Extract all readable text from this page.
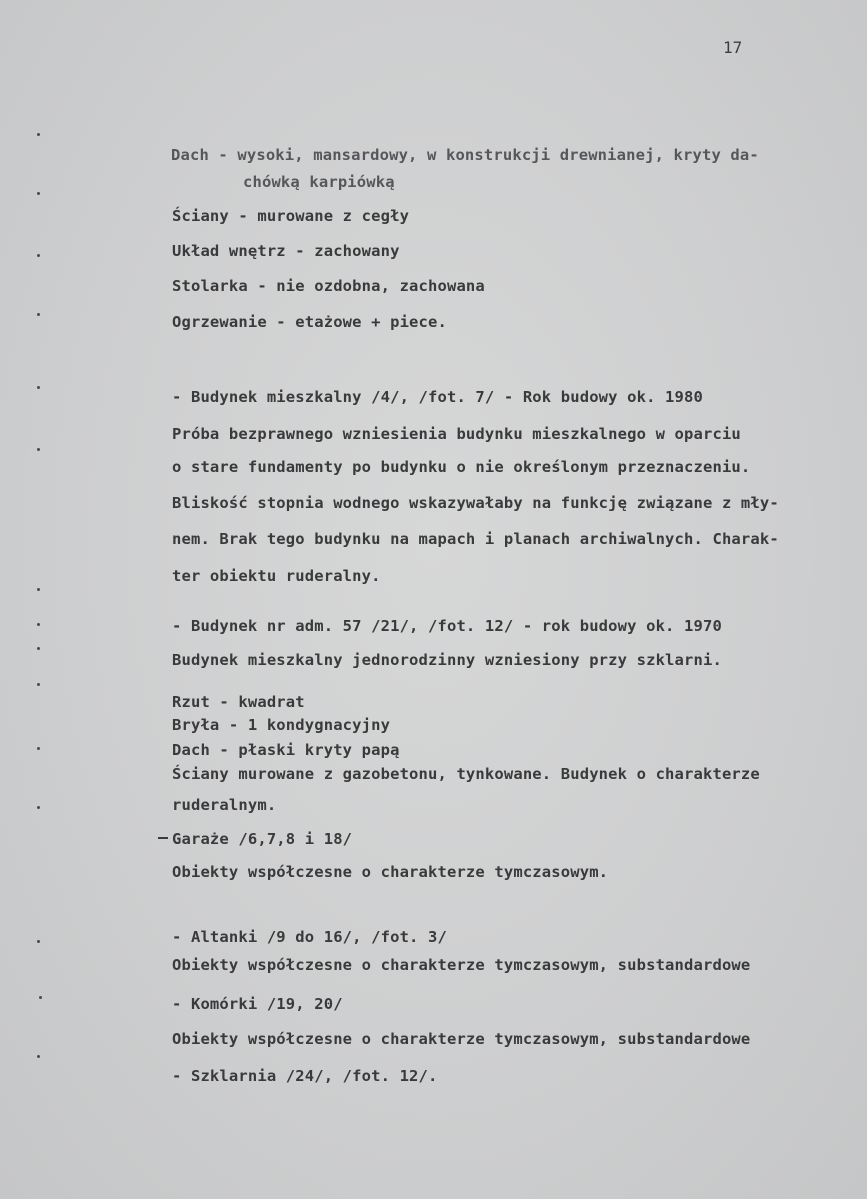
17
Dach - wysoki, mansardowy, w konstrukcji drewnianej, kryty da-
chówką karpiówką
Ściany - murowane z cegły
Układ wnętrz - zachowany
Stolarka - nie ozdobna, zachowana
Ogrzewanie - etażowe + piece.
- Budynek mieszkalny /4/, /fot. 7/ - Rok budowy ok. 1980
Próba bezprawnego wzniesienia budynku mieszkalnego w oparciu
o stare fundamenty po budynku o nie określonym przeznaczeniu.
Bliskość stopnia wodnego wskazywałaby na funkcję związane z mły-
nem. Brak tego budynku na mapach i planach archiwalnych. Charak-
ter obiektu ruderalny.
- Budynek nr adm. 57 /21/, /fot. 12/ - rok budowy ok. 1970
Budynek mieszkalny jednorodzinny wzniesiony przy szklarni.
Rzut - kwadrat
Bryła - 1 kondygnacyjny
Dach - płaski kryty papą
Ściany murowane z gazobetonu, tynkowane. Budynek o charakterze
ruderalnym.
Garaże /6,7,8 i 18/
Obiekty współczesne o charakterze tymczasowym.
- Altanki /9 do 16/, /fot. 3/
Obiekty współczesne o charakterze tymczasowym, substandardowe
- Komórki /19, 20/
Obiekty współczesne o charakterze tymczasowym, substandardowe
- Szklarnia /24/, /fot. 12/.
